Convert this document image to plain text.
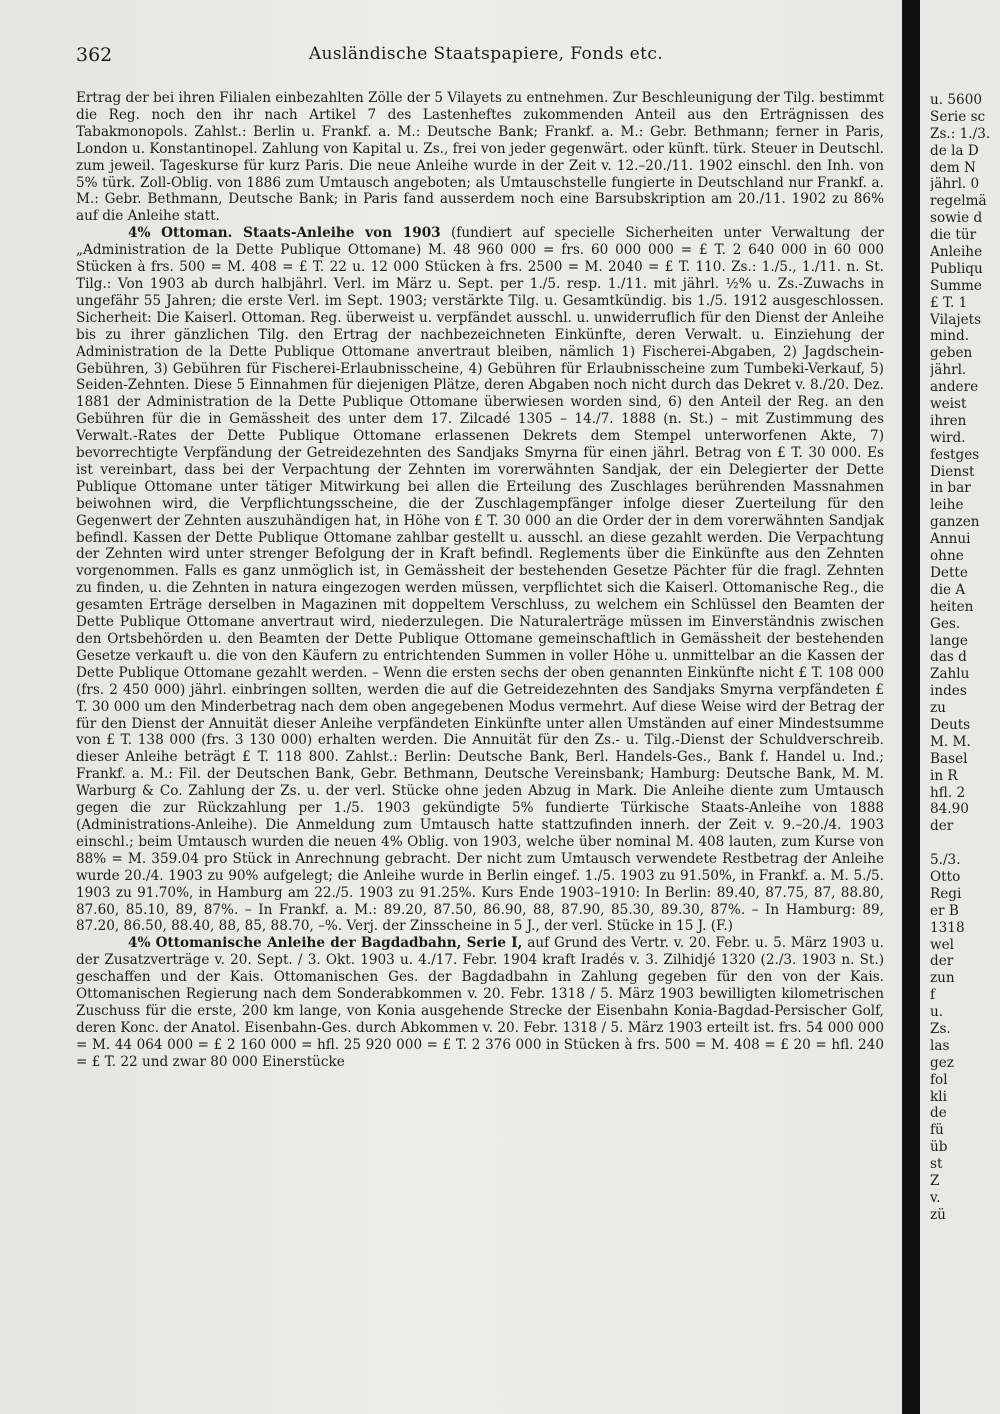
362	Ausländische Staatspapiere, Fonds etc.

Ertrag der bei ihren Filialen einbezahlten Zölle der 5 Vilayets zu entnehmen. Zur Beschleunigung der Tilg. bestimmt die Reg. noch den ihr nach Artikel 7 des Lastenheftes zukommenden Anteil aus den Erträgnissen des Tabakmonopols. Zahlst.: Berlin u. Frankf. a. M.: Deutsche Bank; Frankf. a. M.: Gebr. Bethmann; ferner in Paris, London u. Konstantinopel. Zahlung von Kapital u. Zs., frei von jeder gegenwärt. oder künft. türk. Steuer in Deutschl. zum jeweil. Tageskurse für kurz Paris. Die neue Anleihe wurde in der Zeit v. 12.–20./11. 1902 einschl. den Inh. von 5% türk. Zoll-Oblig. von 1886 zum Umtausch angeboten; als Umtauschstelle fungierte in Deutschland nur Frankf. a. M.: Gebr. Bethmann, Deutsche Bank; in Paris fand ausserdem noch eine Barsubskription am 20./11. 1902 zu 86% auf die Anleihe statt.

4% Ottoman. Staats-Anleihe von 1903 (fundiert auf specielle Sicherheiten unter Verwaltung der „Administration de la Dette Publique Ottomane) M. 48 960 000 = frs. 60 000 000 = £ T. 2 640 000 in 60 000 Stücken à frs. 500 = M. 408 = £ T. 22 u. 12 000 Stücken à frs. 2500 = M. 2040 = £ T. 110. Zs.: 1./5., 1./11. n. St. Tilg.: Von 1903 ab durch halbjährl. Verl. im März u. Sept. per 1./5. resp. 1./11. mit jährl. ½% u. Zs.-Zuwachs in ungefähr 55 Jahren; die erste Verl. im Sept. 1903; verstärkte Tilg. u. Gesamtkündig. bis 1./5. 1912 ausgeschlossen. Sicherheit: Die Kaiserl. Ottoman. Reg. überweist u. verpfändet ausschl. u. unwiderruflich für den Dienst der Anleihe bis zu ihrer gänzlichen Tilg. den Ertrag der nachbezeichneten Einkünfte, deren Verwalt. u. Einziehung der Administration de la Dette Publique Ottomane anvertraut bleiben, nämlich 1) Fischerei-Abgaben, 2) Jagdschein-Gebühren, 3) Gebühren für Fischerei-Erlaubnisscheine, 4) Gebühren für Erlaubnisscheine zum Tumbeki-Verkauf, 5) Seiden-Zehnten. Diese 5 Einnahmen für diejenigen Plätze, deren Abgaben noch nicht durch das Dekret v. 8./20. Dez. 1881 der Administration de la Dette Publique Ottomane überwiesen worden sind, 6) den Anteil der Reg. an den Gebühren für die in Gemässheit des unter dem 17. Zilcadé 1305 – 14./7. 1888 (n. St.) – mit Zustimmung des Verwalt.-Rates der Dette Publique Ottomane erlassenen Dekrets dem Stempel unterworfenen Akte, 7) bevorrechtigte Verpfändung der Getreidezehnten des Sandjaks Smyrna für einen jährl. Betrag von £ T. 30 000. Es ist vereinbart, dass bei der Verpachtung der Zehnten im vorerwähnten Sandjak, der ein Delegierter der Dette Publique Ottomane unter tätiger Mitwirkung bei allen die Erteilung des Zuschlages berührenden Massnahmen beiwohnen wird, die Verpflichtungsscheine, die der Zuschlagempfänger infolge dieser Zuerteilung für den Gegenwert der Zehnten auszuhändigen hat, in Höhe von £ T. 30 000 an die Order der in dem vorerwähnten Sandjak befindl. Kassen der Dette Publique Ottomane zahlbar gestellt u. ausschl. an diese gezahlt werden. Die Verpachtung der Zehnten wird unter strenger Befolgung der in Kraft befindl. Reglements über die Einkünfte aus den Zehnten vorgenommen. Falls es ganz unmöglich ist, in Gemässheit der bestehenden Gesetze Pächter für die fragl. Zehnten zu finden, u. die Zehnten in natura eingezogen werden müssen, verpflichtet sich die Kaiserl. Ottomanische Reg., die gesamten Erträge derselben in Magazinen mit doppeltem Verschluss, zu welchem ein Schlüssel den Beamten der Dette Publique Ottomane anvertraut wird, niederzulegen. Die Naturalerträge müssen im Einverständnis zwischen den Ortsbehörden u. den Beamten der Dette Publique Ottomane gemeinschaftlich in Gemässheit der bestehenden Gesetze verkauft u. die von den Käufern zu entrichtenden Summen in voller Höhe u. unmittelbar an die Kassen der Dette Publique Ottomane gezahlt werden. – Wenn die ersten sechs der oben genannten Einkünfte nicht £ T. 108 000 (frs. 2 450 000) jährl. einbringen sollten, werden die auf die Getreidezehnten des Sandjaks Smyrna verpfändeten £ T. 30 000 um den Minderbetrag nach dem oben angegebenen Modus vermehrt. Auf diese Weise wird der Betrag der für den Dienst der Annuität dieser Anleihe verpfändeten Einkünfte unter allen Umständen auf einer Mindestsumme von £ T. 138 000 (frs. 3 130 000) erhalten werden. Die Annuität für den Zs.- u. Tilg.-Dienst der Schuldverschreib. dieser Anleihe beträgt £ T. 118 800. Zahlst.: Berlin: Deutsche Bank, Berl. Handels-Ges., Bank f. Handel u. Ind.; Frankf. a. M.: Fil. der Deutschen Bank, Gebr. Bethmann, Deutsche Vereinsbank; Hamburg: Deutsche Bank, M. M. Warburg & Co. Zahlung der Zs. u. der verl. Stücke ohne jeden Abzug in Mark. Die Anleihe diente zum Umtausch gegen die zur Rückzahlung per 1./5. 1903 gekündigte 5% fundierte Türkische Staats-Anleihe von 1888 (Administrations-Anleihe). Die Anmeldung zum Umtausch hatte stattzufinden innerh. der Zeit v. 9.–20./4. 1903 einschl.; beim Umtausch wurden die neuen 4% Oblig. von 1903, welche über nominal M. 408 lauten, zum Kurse von 88% = M. 359.04 pro Stück in Anrechnung gebracht. Der nicht zum Umtausch verwendete Restbetrag der Anleihe wurde 20./4. 1903 zu 90% aufgelegt; die Anleihe wurde in Berlin eingef. 1./5. 1903 zu 91.50%, in Frankf. a. M. 5./5. 1903 zu 91.70%, in Hamburg am 22./5. 1903 zu 91.25%. Kurs Ende 1903–1910: In Berlin: 89.40, 87.75, 87, 88.80, 87.60, 85.10, 89, 87%. – In Frankf. a. M.: 89.20, 87.50, 86.90, 88, 87.90, 85.30, 89.30, 87%. – In Hamburg: 89, 87.20, 86.50, 88.40, 88, 85, 88.70, –%. Verj. der Zinsscheine in 5 J., der verl. Stücke in 15 J. (F.)

4% Ottomanische Anleihe der Bagdadbahn, Serie I, auf Grund des Vertr. v. 20. Febr. u. 5. März 1903 u. der Zusatzverträge v. 20. Sept. / 3. Okt. 1903 u. 4./17. Febr. 1904 kraft Iradés v. 3. Zilhidjé 1320 (2./3. 1903 n. St.) geschaffen und der Kais. Ottomanischen Ges. der Bagdadbahn in Zahlung gegeben für den von der Kais. Ottomanischen Regierung nach dem Sonderabkommen v. 20. Febr. 1318 / 5. März 1903 bewilligten kilometrischen Zuschuss für die erste, 200 km lange, von Konia ausgehende Strecke der Eisenbahn Konia-Bagdad-Persischer Golf, deren Konc. der Anatol. Eisenbahn-Ges. durch Abkommen v. 20. Febr. 1318 / 5. März 1903 erteilt ist. frs. 54 000 000 = M. 44 064 000 = £ 2 160 000 = hfl. 25 920 000 = £ T. 2 376 000 in Stücken à frs. 500 = M. 408 = £ 20 = hfl. 240 = £ T. 22 und zwar 80 000 Einerstücke

u. 5600
Serie sc
Zs.: 1./3.
de la D
dem N
jährl. 0
regelmä
sowie d
die tür
Anleihe
Publiqu
Summe
£ T. 1
Vilajets
mind.
geben
jährl.
andere
weist
ihren
wird.
festges
Dienst
in bar
leihe
ganzen
Annui
ohne
Dette
die A
heiten
Ges.
lange
das d
Zahlu
indes
zu
Deuts
M. M.
Basel
in R
hfl. 2
84.90
der
5./3.
Otto
Regi
er B
1318
wel
der
zun
f
u.
Zs.
las
gez
fol
kli
de
fü
üb
st
Z
v.
zü
